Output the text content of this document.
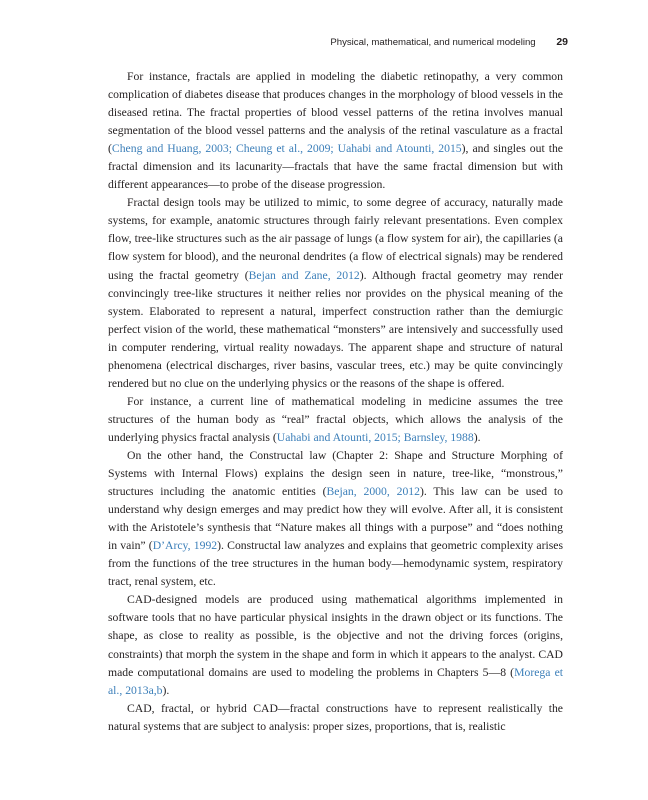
Physical, mathematical, and numerical modeling 29

For instance, fractals are applied in modeling the diabetic retinopathy, a very common complication of diabetes disease that produces changes in the morphology of blood vessels in the diseased retina. The fractal properties of blood vessel patterns of the retina involves manual segmentation of the blood vessel patterns and the analysis of the retinal vasculature as a fractal (Cheng and Huang, 2003; Cheung et al., 2009; Uahabi and Atounti, 2015), and singles out the fractal dimension and its lacunarity—fractals that have the same fractal dimension but with different appearances—to probe of the disease progression.

Fractal design tools may be utilized to mimic, to some degree of accuracy, naturally made systems, for example, anatomic structures through fairly relevant presentations. Even complex flow, tree-like structures such as the air passage of lungs (a flow system for air), the capillaries (a flow system for blood), and the neuronal dendrites (a flow of electrical signals) may be rendered using the fractal geometry (Bejan and Zane, 2012). Although fractal geometry may render convincingly tree-like structures it neither relies nor provides on the physical meaning of the system. Elaborated to represent a natural, imperfect construction rather than the demiurgic perfect vision of the world, these mathematical “monsters” are intensively and successfully used in computer rendering, virtual reality nowadays. The apparent shape and structure of natural phenomena (electrical discharges, river basins, vascular trees, etc.) may be quite convincingly rendered but no clue on the underlying physics or the reasons of the shape is offered.

For instance, a current line of mathematical modeling in medicine assumes the tree structures of the human body as “real” fractal objects, which allows the analysis of the underlying physics fractal analysis (Uahabi and Atounti, 2015; Barnsley, 1988).

On the other hand, the Constructal law (Chapter 2: Shape and Structure Morphing of Systems with Internal Flows) explains the design seen in nature, tree-like, “monstrous,” structures including the anatomic entities (Bejan, 2000, 2012). This law can be used to understand why design emerges and may predict how they will evolve. After all, it is consistent with the Aristotele’s synthesis that “Nature makes all things with a purpose” and “does nothing in vain” (D’Arcy, 1992). Constructal law analyzes and explains that geometric complexity arises from the functions of the tree structures in the human body—hemodynamic system, respiratory tract, renal system, etc.

CAD-designed models are produced using mathematical algorithms implemented in software tools that no have particular physical insights in the drawn object or its functions. The shape, as close to reality as possible, is the objective and not the driving forces (origins, constraints) that morph the system in the shape and form in which it appears to the analyst. CAD made computational domains are used to modeling the problems in Chapters 5—8 (Morega et al., 2013a,b).

CAD, fractal, or hybrid CAD—fractal constructions have to represent realistically the natural systems that are subject to analysis: proper sizes, proportions, that is, realistic
